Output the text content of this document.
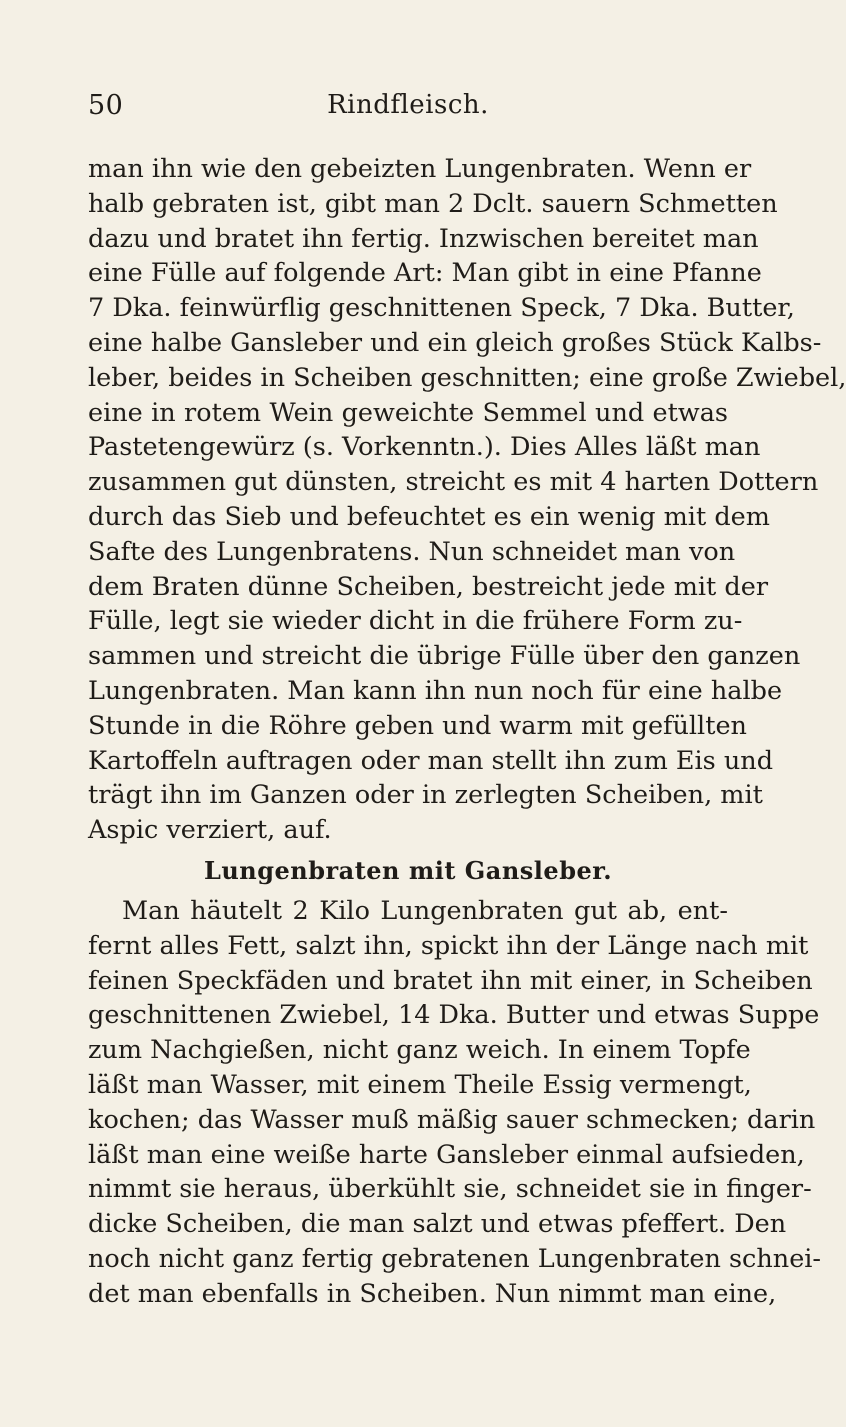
50	Rindfleisch.
man ihn wie den gebeizten Lungenbraten. Wenn er
halb gebraten ist, gibt man 2 Dclt. sauern Schmetten
dazu und bratet ihn fertig. Inzwischen bereitet man
eine Fülle auf folgende Art: Man gibt in eine Pfanne
7 Dka. feinwürflig geschnittenen Speck, 7 Dka. Butter,
eine halbe Gansleber und ein gleich großes Stück Kalbs-
leber, beides in Scheiben geschnitten; eine große Zwiebel,
eine in rotem Wein geweichte Semmel und etwas
Pastetengewürz (s. Vorkenntn.). Dies Alles läßt man
zusammen gut dünsten, streicht es mit 4 harten Dottern
durch das Sieb und befeuchtet es ein wenig mit dem
Safte des Lungenbratens. Nun schneidet man von
dem Braten dünne Scheiben, bestreicht jede mit der
Fülle, legt sie wieder dicht in die frühere Form zu-
sammen und streicht die übrige Fülle über den ganzen
Lungenbraten. Man kann ihn nun noch für eine halbe
Stunde in die Röhre geben und warm mit gefüllten
Kartoffeln auftragen oder man stellt ihn zum Eis und
trägt ihn im Ganzen oder in zerlegten Scheiben, mit
Aspic verziert, auf.
Lungenbraten mit Gansleber.
Man häutelt 2 Kilo Lungenbraten gut ab, ent-
fernt alles Fett, salzt ihn, spickt ihn der Länge nach mit
feinen Speckfäden und bratet ihn mit einer, in Scheiben
geschnittenen Zwiebel, 14 Dka. Butter und etwas Suppe
zum Nachgießen, nicht ganz weich. In einem Topfe
läßt man Wasser, mit einem Theile Essig vermengt,
kochen; das Wasser muß mäßig sauer schmecken; darin
läßt man eine weiße harte Gansleber einmal aufsieden,
nimmt sie heraus, überkühlt sie, schneidet sie in finger-
dicke Scheiben, die man salzt und etwas pfeffert. Den
noch nicht ganz fertig gebratenen Lungenbraten schnei-
det man ebenfalls in Scheiben. Nun nimmt man eine,
